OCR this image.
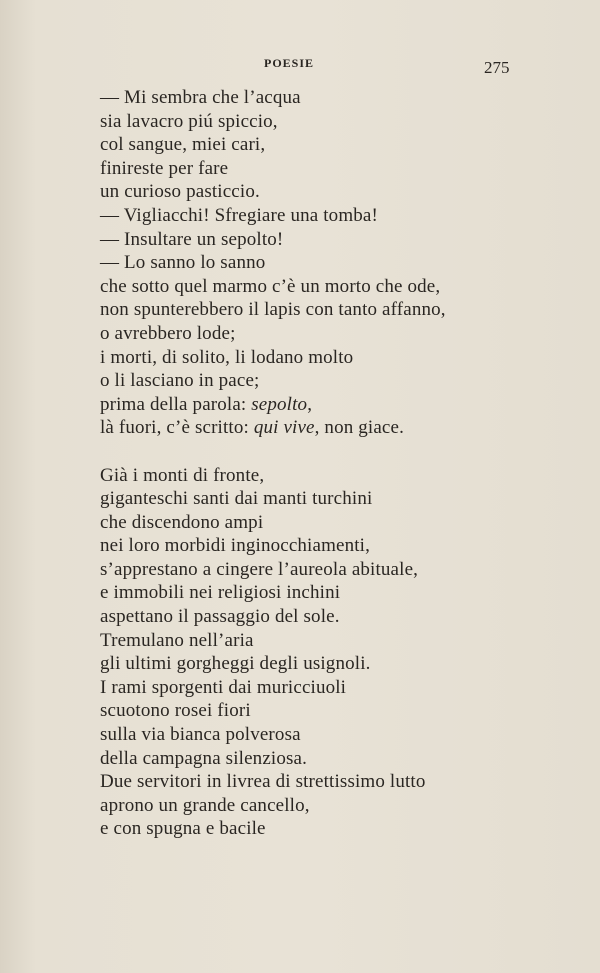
POESIE	275
— Mi sembra che l’acqua
sia lavacro piú spiccio,
col sangue, miei cari,
finireste per fare
un curioso pasticcio.
— Vigliacchi! Sfregiare una tomba!
— Insultare un sepolto!
— Lo sanno lo sanno
che sotto quel marmo c’è un morto che ode,
non spunterebbero il lapis con tanto affanno,
o avrebbero lode;
i morti, di solito, li lodano molto
o li lasciano in pace;
prima della parola: sepolto,
là fuori, c’è scritto: qui vive, non giace.
Già i monti di fronte,
giganteschi santi dai manti turchini
che discendono ampi
nei loro morbidi inginocchiamenti,
s’apprestano a cingere l’aureola abituale,
e immobili nei religiosi inchini
aspettano il passaggio del sole.
Tremulano nell’aria
gli ultimi gorgheggi degli usignoli.
I rami sporgenti dai muricciuoli
scuotono rosei fiori
sulla via bianca polverosa
della campagna silenziosa.
Due servitori in livrea di strettissimo lutto
aprono un grande cancello,
e con spugna e bacile
